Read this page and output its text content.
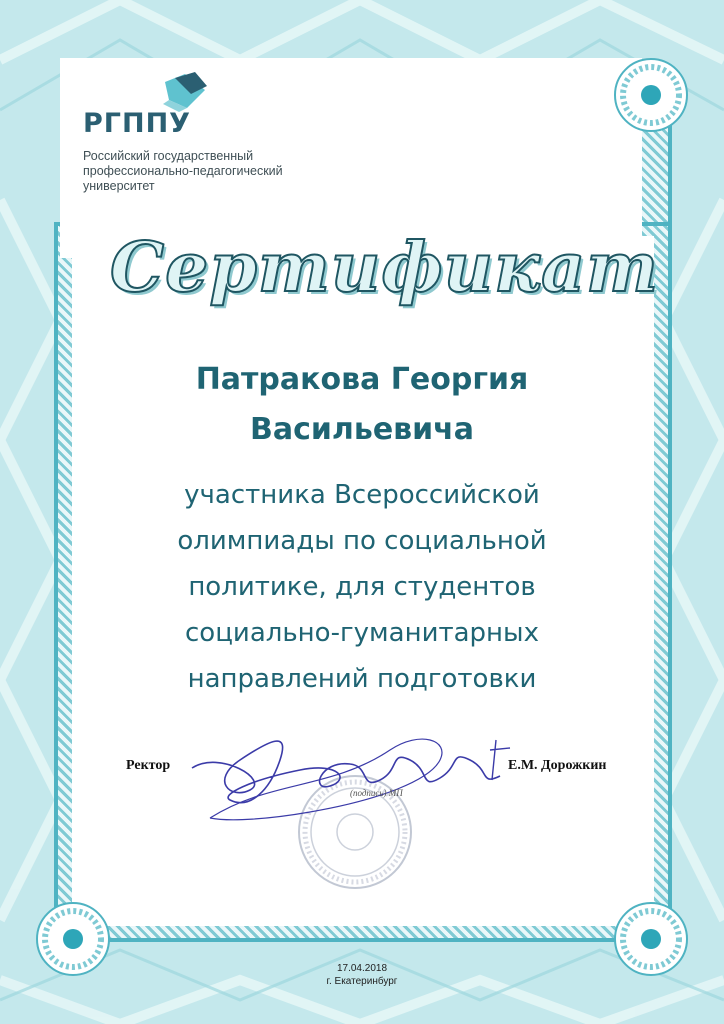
РГППУ
Российский государственный
профессионально-педагогический
университет
Сертификат
Патракова Георгия
Васильевича
участника Всероссийской
олимпиады по социальной
политике, для студентов
социально-гуманитарных
направлений подготовки
Ректор	Е.М. Дорожкин
(подпись) МП
17.04.2018
г. Екатеринбург
